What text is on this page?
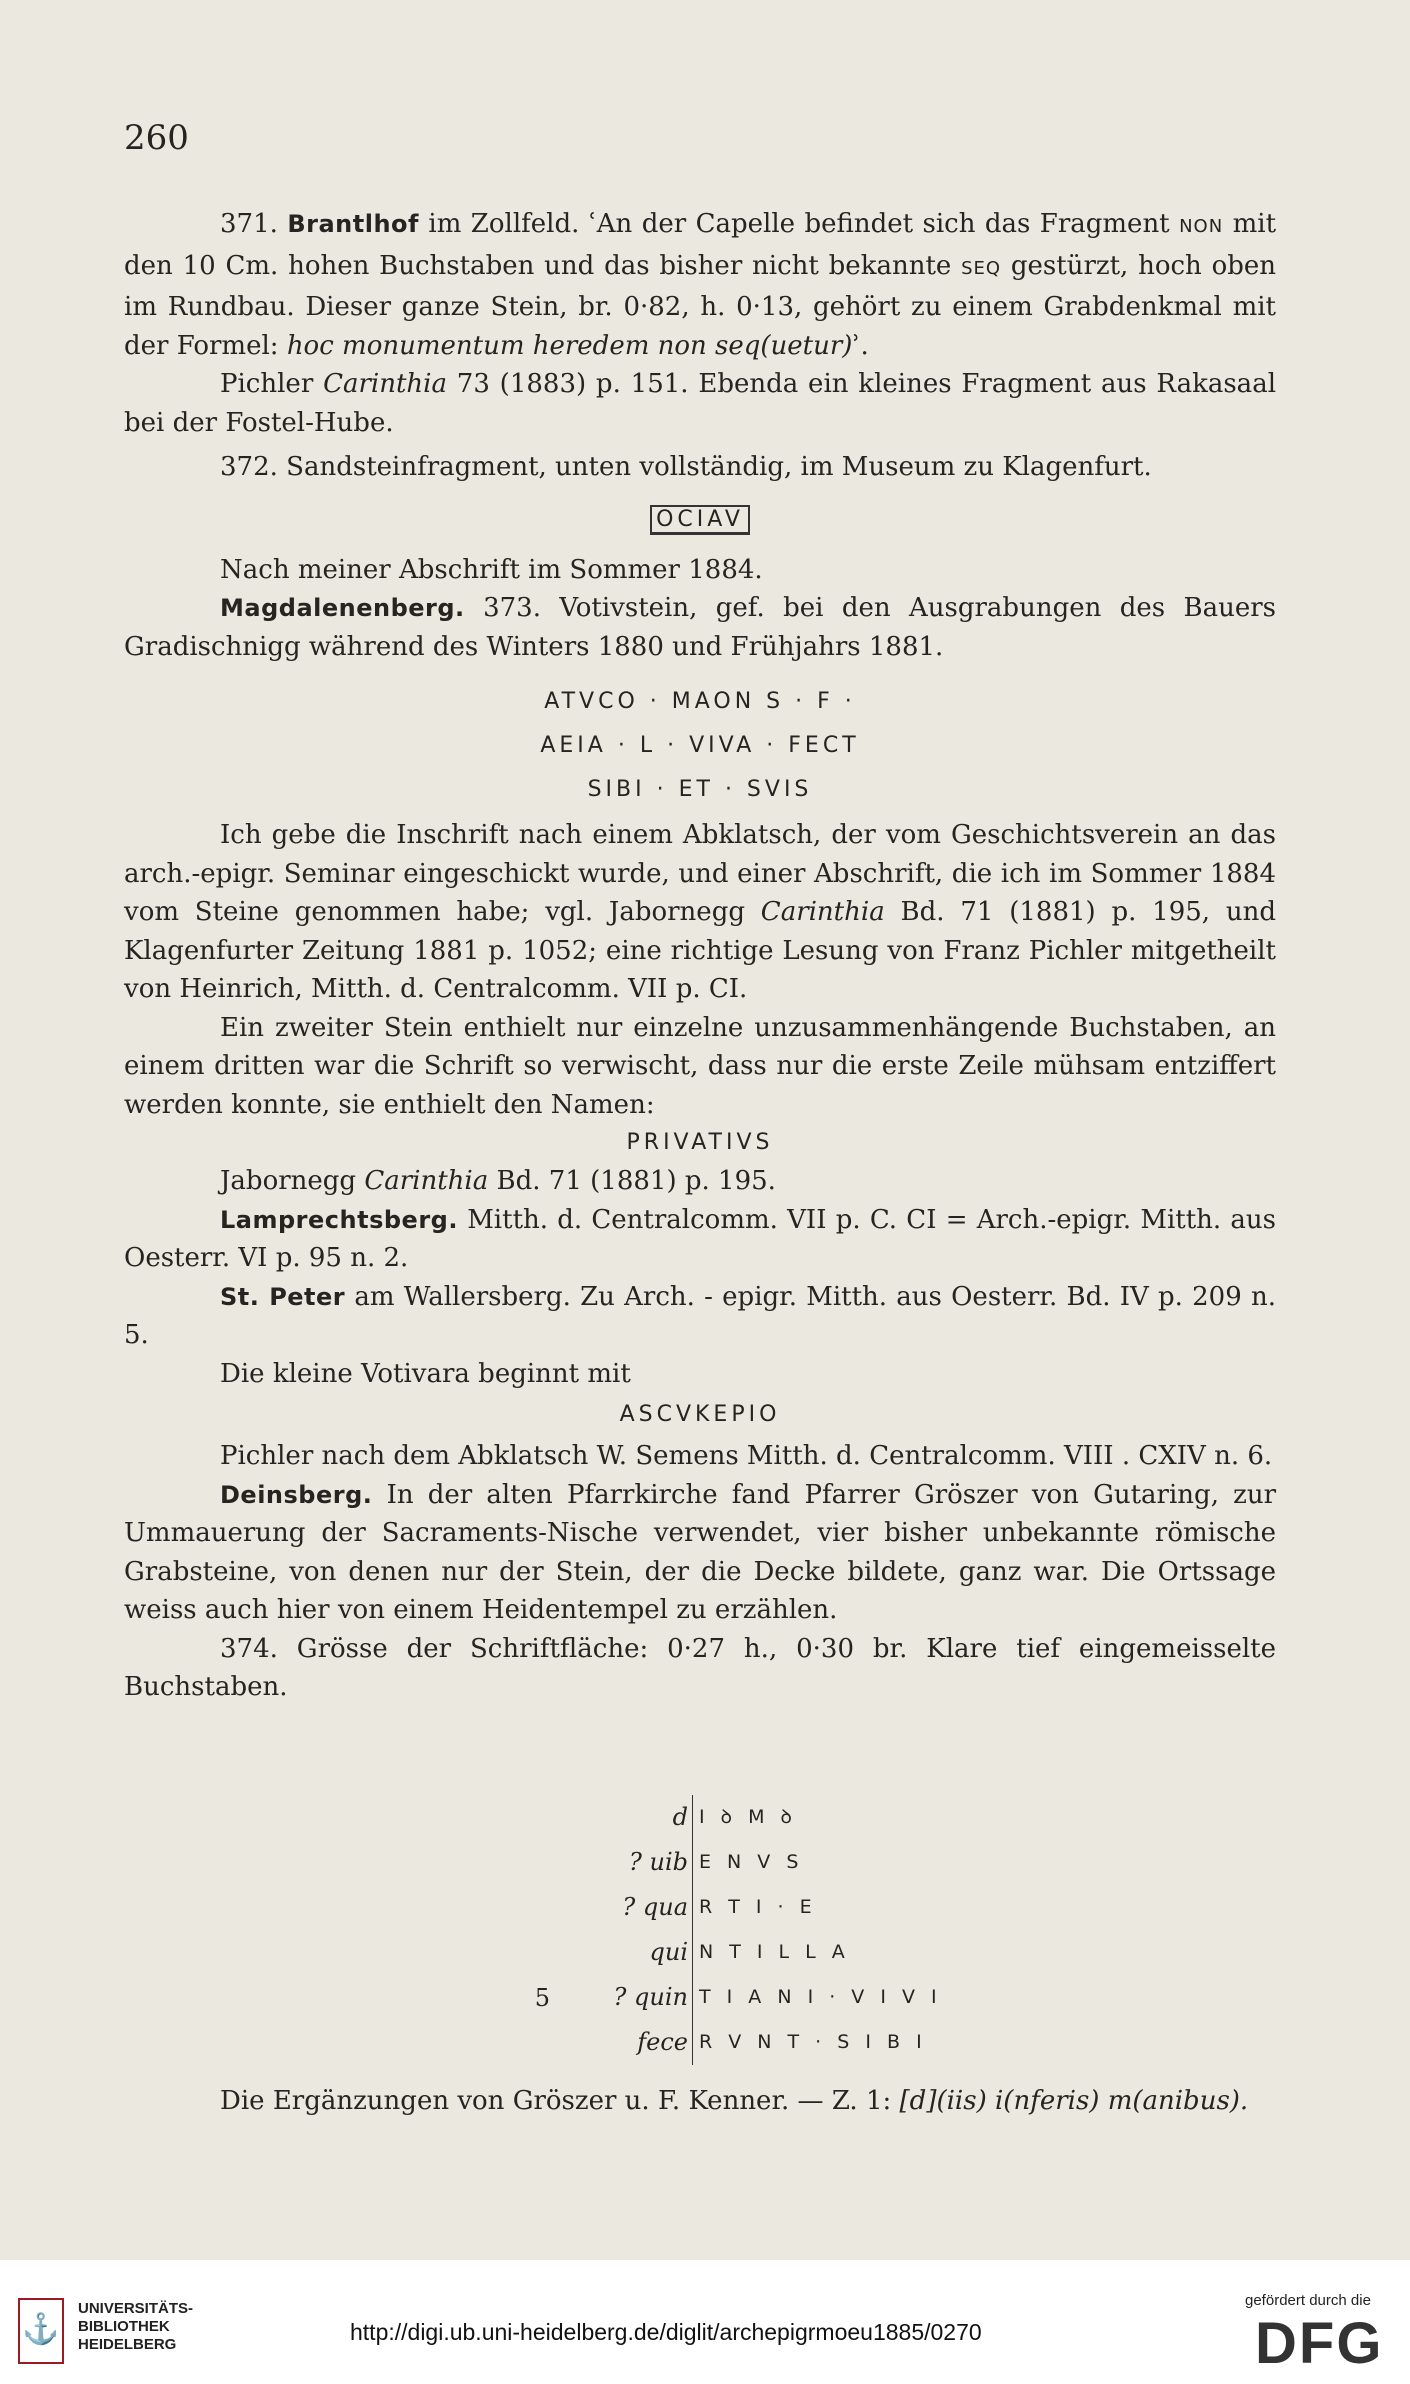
260

371. Brantlhof im Zollfeld. ʿAn der Capelle befindet sich das Fragment NON mit den 10 Cm. hohen Buchstaben und das bisher nicht bekannte SEQ gestürzt, hoch oben im Rundbau. Dieser ganze Stein, br. 0·82, h. 0·13, gehört zu einem Grabdenkmal mit der Formel: hoc monumentum heredem non seq(uetur)ʾ.

Pichler Carinthia 73 (1883) p. 151. Ebenda ein kleines Fragment aus Rakasaal bei der Fostel-Hube.

372. Sandsteinfragment, unten vollständig, im Museum zu Klagenfurt.

OCIAV

Nach meiner Abschrift im Sommer 1884.

Magdalenenberg. 373. Votivstein, gef. bei den Ausgrabungen des Bauers Gradischnigg während des Winters 1880 und Frühjahrs 1881.

ATVCO · MAON S · F ·

AEIA · L · VIVA · FECT

SIBI · ET · SVIS

Ich gebe die Inschrift nach einem Abklatsch, der vom Geschichtsverein an das arch.-epigr. Seminar eingeschickt wurde, und einer Abschrift, die ich im Sommer 1884 vom Steine genommen habe; vgl. Jabornegg Carinthia Bd. 71 (1881) p. 195, und Klagenfurter Zeitung 1881 p. 1052; eine richtige Lesung von Franz Pichler mitgetheilt von Heinrich, Mitth. d. Centralcomm. VII p. CI.

Ein zweiter Stein enthielt nur einzelne unzusammenhängende Buchstaben, an einem dritten war die Schrift so verwischt, dass nur die erste Zeile mühsam entziffert werden konnte, sie enthielt den Namen:

PRIVATIVS

Jabornegg Carinthia Bd. 71 (1881) p. 195.

Lamprechtsberg. Mitth. d. Centralcomm. VII p. C. CI = Arch.-epigr. Mitth. aus Oesterr. VI p. 95 n. 2.

St. Peter am Wallersberg. Zu Arch. - epigr. Mitth. aus Oesterr. Bd. IV p. 209 n. 5.

Die kleine Votivara beginnt mit

ASCVKEPIO

Pichler nach dem Abklatsch W. Semens Mitth. d. Centralcomm. VIII . CXIV n. 6.

Deinsberg. In der alten Pfarrkirche fand Pfarrer Gröszer von Gutaring, zur Ummauerung der Sacraments-Nische verwendet, vier bisher unbekannte römische Grabsteine, von denen nur der Stein, der die Decke bildete, ganz war. Die Ortssage weiss auch hier von einem Heidentempel zu erzählen.

374. Grösse der Schriftfläche: 0·27 h., 0·30 br. Klare tief eingemeisselte Buchstaben.

d I ꝺ M ꝺ
? uib E N V S
? qua R T I · E
qui N T I L L A
5	? quin T I A N I · V I V I
fece R V N T · S I B I

Die Ergänzungen von Gröszer u. F. Kenner. — Z. 1: [d](iis) i(nferis) m(anibus).

⚓
UNIVERSITÄTS-
BIBLIOTHEK
HEIDELBERG	http://digi.ub.uni-heidelberg.de/diglit/archepigrmoeu1885/0270
gefördert durch die
DFG
